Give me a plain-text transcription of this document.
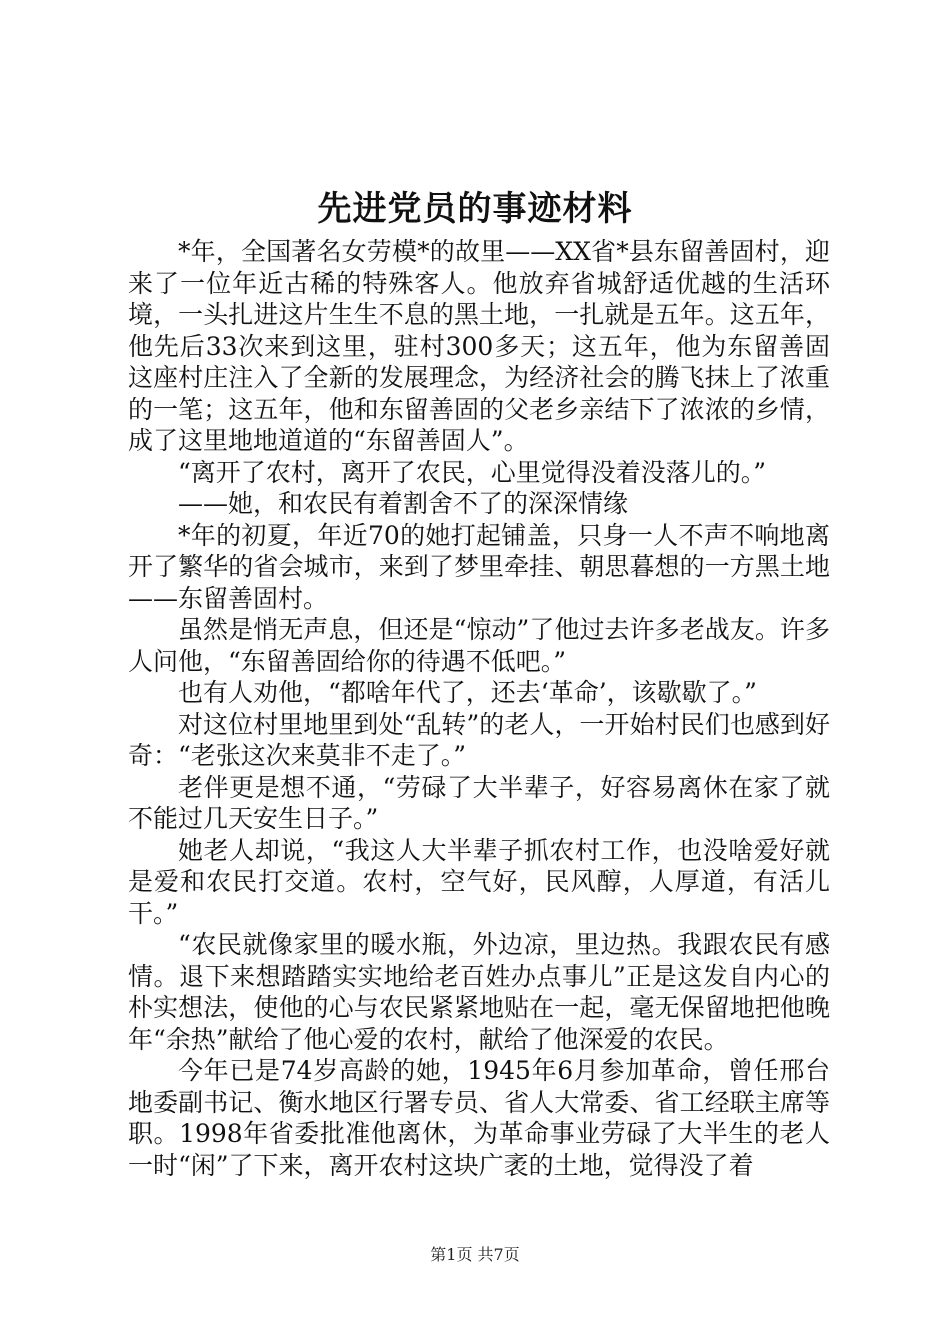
先进党员的事迹材料

*年，全国著名女劳模*的故里——XX省*县东留善固村，迎来了一位年近古稀的特殊客人。他放弃省城舒适优越的生活环境，一头扎进这片生生不息的黑土地，一扎就是五年。这五年，他先后33次来到这里，驻村300多天；这五年，他为东留善固这座村庄注入了全新的发展理念，为经济社会的腾飞抹上了浓重的一笔；这五年，他和东留善固的父老乡亲结下了浓浓的乡情，成了这里地地道道的“东留善固人”。

“离开了农村，离开了农民，心里觉得没着没落儿的。”

——她，和农民有着割舍不了的深深情缘

*年的初夏，年近70的她打起铺盖，只身一人不声不响地离开了繁华的省会城市，来到了梦里牵挂、朝思暮想的一方黑土地——东留善固村。

虽然是悄无声息，但还是“惊动”了他过去许多老战友。许多人问他，“东留善固给你的待遇不低吧。”

也有人劝他，“都啥年代了，还去‘革命’，该歇歇了。”

对这位村里地里到处“乱转”的老人，一开始村民们也感到好奇：“老张这次来莫非不走了。”

老伴更是想不通，“劳碌了大半辈子，好容易离休在家了就不能过几天安生日子。”

她老人却说，“我这人大半辈子抓农村工作，也没啥爱好就是爱和农民打交道。农村，空气好，民风醇，人厚道，有活儿干。”

“农民就像家里的暖水瓶，外边凉，里边热。我跟农民有感情。退下来想踏踏实实地给老百姓办点事儿”正是这发自内心的朴实想法，使他的心与农民紧紧地贴在一起，毫无保留地把他晚年“余热”献给了他心爱的农村，献给了他深爱的农民。

今年已是74岁高龄的她，1945年6月参加革命，曾任邢台地委副书记、衡水地区行署专员、省人大常委、省工经联主席等职。1998年省委批准他离休，为革命事业劳碌了大半生的老人一时“闲”了下来，离开农村这块广袤的土地，觉得没了着

第1页 共7页
